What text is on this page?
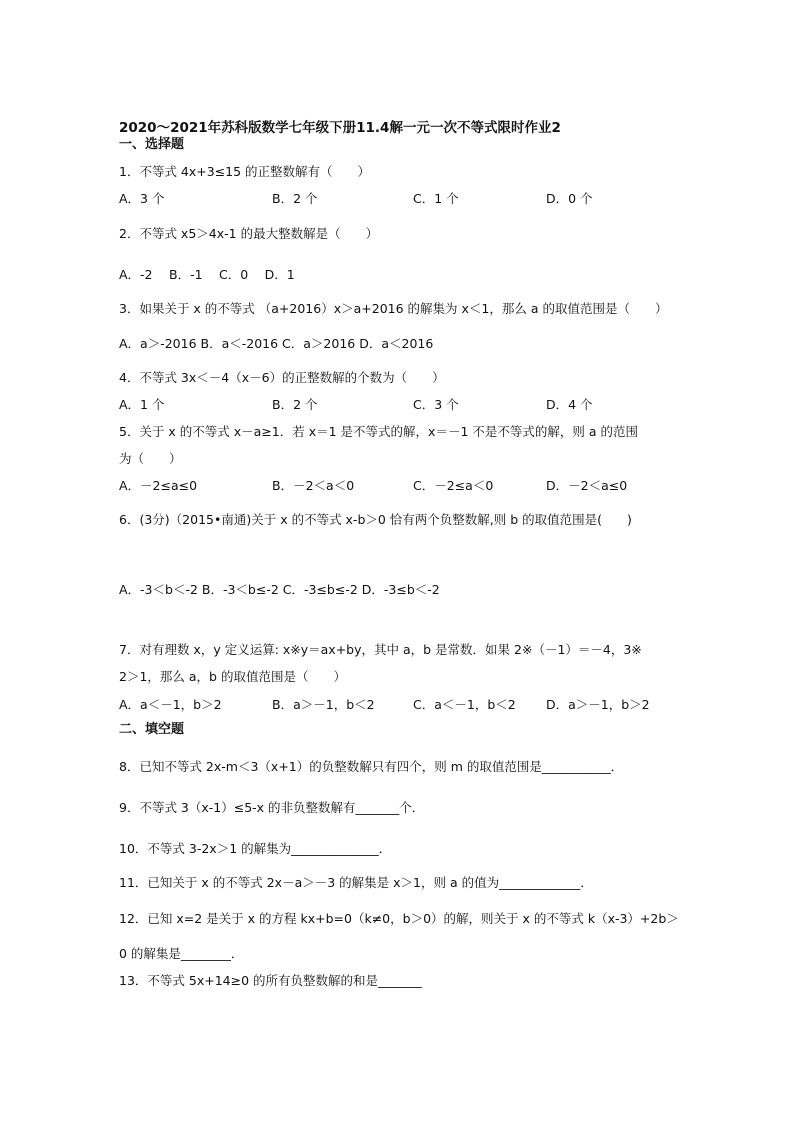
2020～2021年苏科版数学七年级下册11.4解一元一次不等式限时作业2
一、选择题
1．不等式 4x+3≤15 的正整数解有（　　）
A．3 个	B．2 个	C．1 个	D．0 个
2．不等式 x5＞4x-1 的最大整数解是（　　）
A．-2　 B．-1　 C．0　 D．1
3．如果关于 x 的不等式 （a+2016）x＞a+2016 的解集为 x＜1，那么 a 的取值范围是（　　）
A．a＞-2016 B．a＜-2016 C．a＞2016 D．a＜2016
4．不等式 3x＜－4（x－6）的正整数解的个数为（　　）
A．1 个	B．2 个	C．3 个	D．4 个
5．关于 x 的不等式 x－a≥1．若 x＝1 是不等式的解，x＝－1 不是不等式的解，则 a 的范围
为（　　）
A．－2≤a≤0	B．－2＜a＜0	C．－2≤a＜0	D．－2＜a≤0
6．(3分)（2015•南通)关于 x 的不等式 x-b＞0 恰有两个负整数解,则 b 的取值范围是(　　)
A．-3＜b＜-2 B．-3＜b≤-2 C．-3≤b≤-2 D．-3≤b＜-2
7．对有理数 x，y 定义运算: x※y＝ax+by，其中 a，b 是常数．如果 2※（－1）＝－4，3※
2＞1，那么 a，b 的取值范围是（　　）
A．a＜－1，b＞2	B．a＞－1，b＜2	C．a＜－1，b＜2 D．a＞－1，b＞2
二、填空题
8．已知不等式 2x-m＜3（x+1）的负整数解只有四个，则 m 的取值范围是___________．
9．不等式 3（x-1）≤5-x 的非负整数解有_______个．
10．不等式 3-2x＞1 的解集为______________．
11．已知关于 x 的不等式 2x－a＞－3 的解集是 x＞1，则 a 的值为_____________．
12．已知 x=2 是关于 x 的方程 kx+b=0（k≠0，b＞0）的解，则关于 x 的不等式 k（x-3）+2b＞
0 的解集是________．
13．不等式 5x+14≥0 的所有负整数解的和是_______
